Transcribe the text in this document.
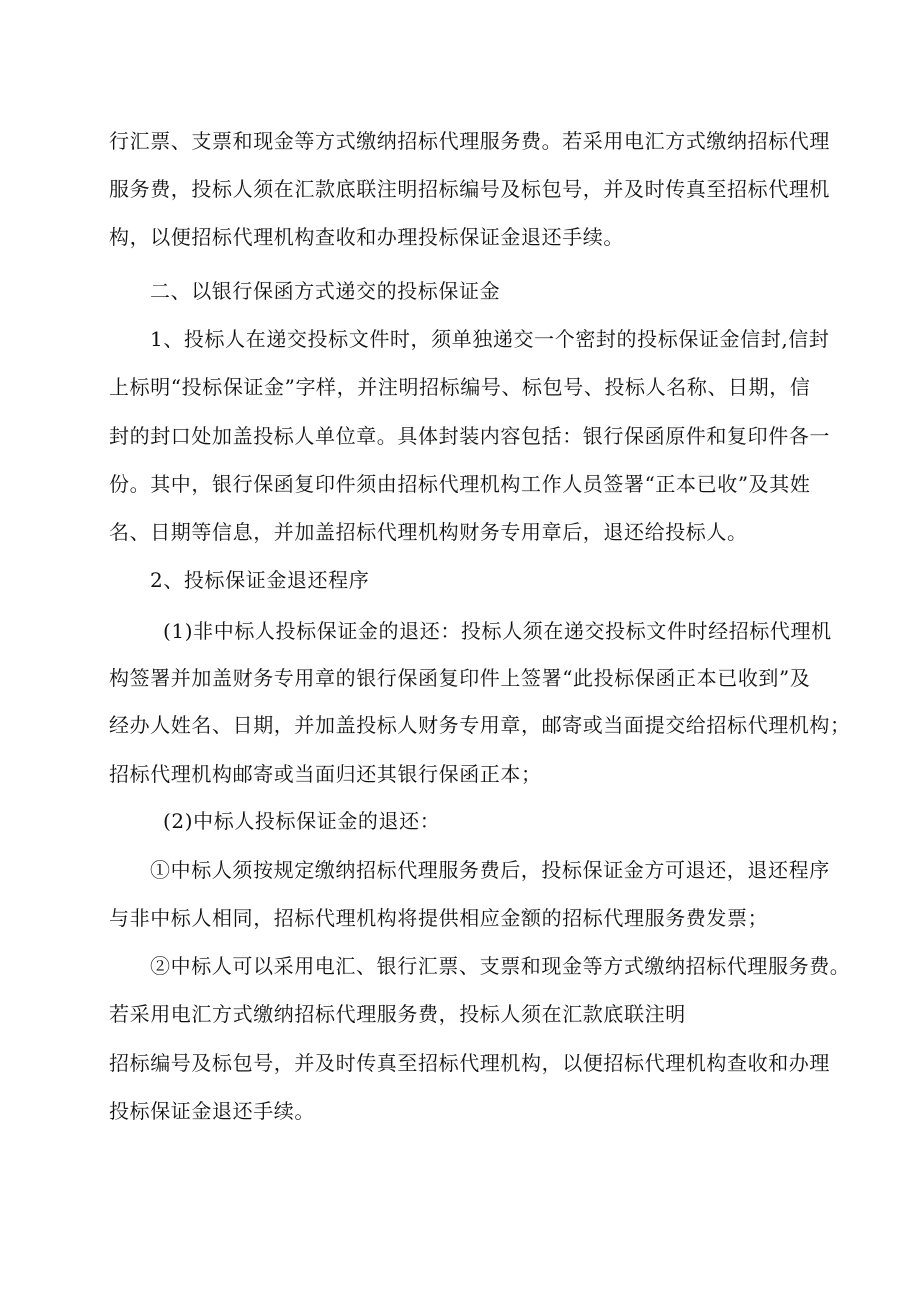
行汇票、支票和现金等方式缴纳招标代理服务费。若采用电汇方式缴纳招标代理

服务费，投标人须在汇款底联注明招标编号及标包号，并及时传真至招标代理机

构，以便招标代理机构查收和办理投标保证金退还手续。

二、以银行保函方式递交的投标保证金

1、投标人在递交投标文件时，须单独递交一个密封的投标保证金信封,信封

上标明“投标保证金”字样，并注明招标编号、标包号、投标人名称、日期，信

封的封口处加盖投标人单位章。具体封装内容包括：银行保函原件和复印件各一

份。其中，银行保函复印件须由招标代理机构工作人员签署“正本已收”及其姓

名、日期等信息，并加盖招标代理机构财务专用章后，退还给投标人。

2、投标保证金退还程序

(1)非中标人投标保证金的退还：投标人须在递交投标文件时经招标代理机

构签署并加盖财务专用章的银行保函复印件上签署“此投标保函正本已收到”及

经办人姓名、日期，并加盖投标人财务专用章，邮寄或当面提交给招标代理机构；

招标代理机构邮寄或当面归还其银行保函正本；

(2)中标人投标保证金的退还：

①中标人须按规定缴纳招标代理服务费后，投标保证金方可退还，退还程序

与非中标人相同，招标代理机构将提供相应金额的招标代理服务费发票；

②中标人可以采用电汇、银行汇票、支票和现金等方式缴纳招标代理服务费。

若采用电汇方式缴纳招标代理服务费，投标人须在汇款底联注明

招标编号及标包号，并及时传真至招标代理机构，以便招标代理机构查收和办理

投标保证金退还手续。
